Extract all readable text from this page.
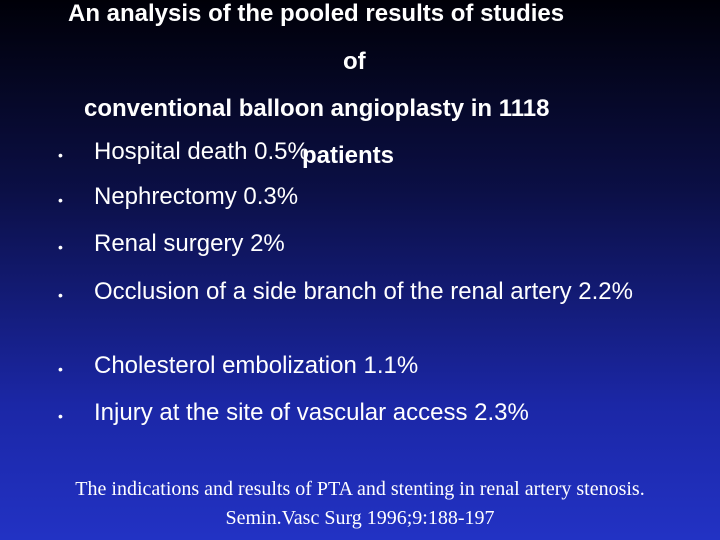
An analysis of the pooled results of studies
of
conventional balloon angioplasty in 1118
• Hospital death 0.5%
• Nephrectomy 0.3%
• Renal surgery 2%
• Occlusion of a side branch of the renal artery 2.2%
• Cholesterol embolization 1.1%
• Injury at the site of vascular access 2.3%
patients
The indications and results of PTA and stenting in renal artery stenosis.
Semin.Vasc Surg 1996;9:188-197
